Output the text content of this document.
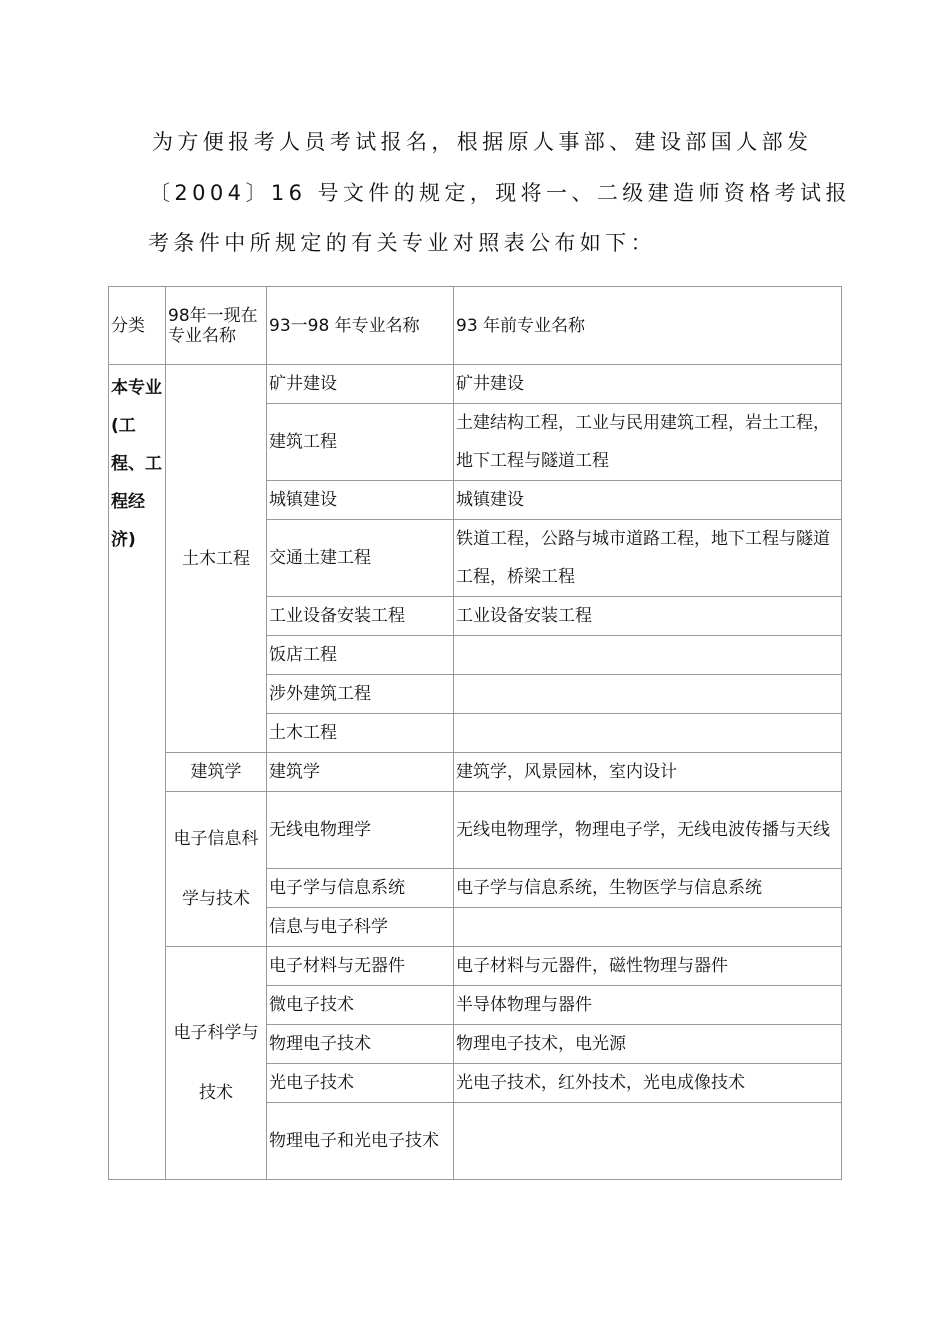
为方便报考人员考试报名，根据原人事部、建设部国人部发
〔2004〕16 号文件的规定，现将一、二级建造师资格考试报
考条件中所规定的有关专业对照表公布如下：
分类	98年一现在专业名称	93一98 年专业名称	93 年前专业名称
本专业(工程、工程经济)	土木工程	矿井建设	矿井建设
		建筑工程	土建结构工程，工业与民用建筑工程，岩土工程，地下工程与隧道工程
		城镇建设	城镇建设
		交通土建工程	铁道工程，公路与城市道路工程，地下工程与隧道工程，桥梁工程
		工业设备安装工程	工业设备安装工程
		饭店工程	
		涉外建筑工程	
		土木工程	
	建筑学	建筑学	建筑学，风景园林，室内设计
	电子信息科学与技术	无线电物理学	无线电物理学，物理电子学，无线电波传播与天线
		电子学与信息系统	电子学与信息系统，生物医学与信息系统
		信息与电子科学	
	电子科学与技术	电子材料与无器件	电子材料与元器件，磁性物理与器件
		微电子技术	半导体物理与器件
		物理电子技术	物理电子技术，电光源
		光电子技术	光电子技术，红外技术，光电成像技术
		物理电子和光电子技术	
